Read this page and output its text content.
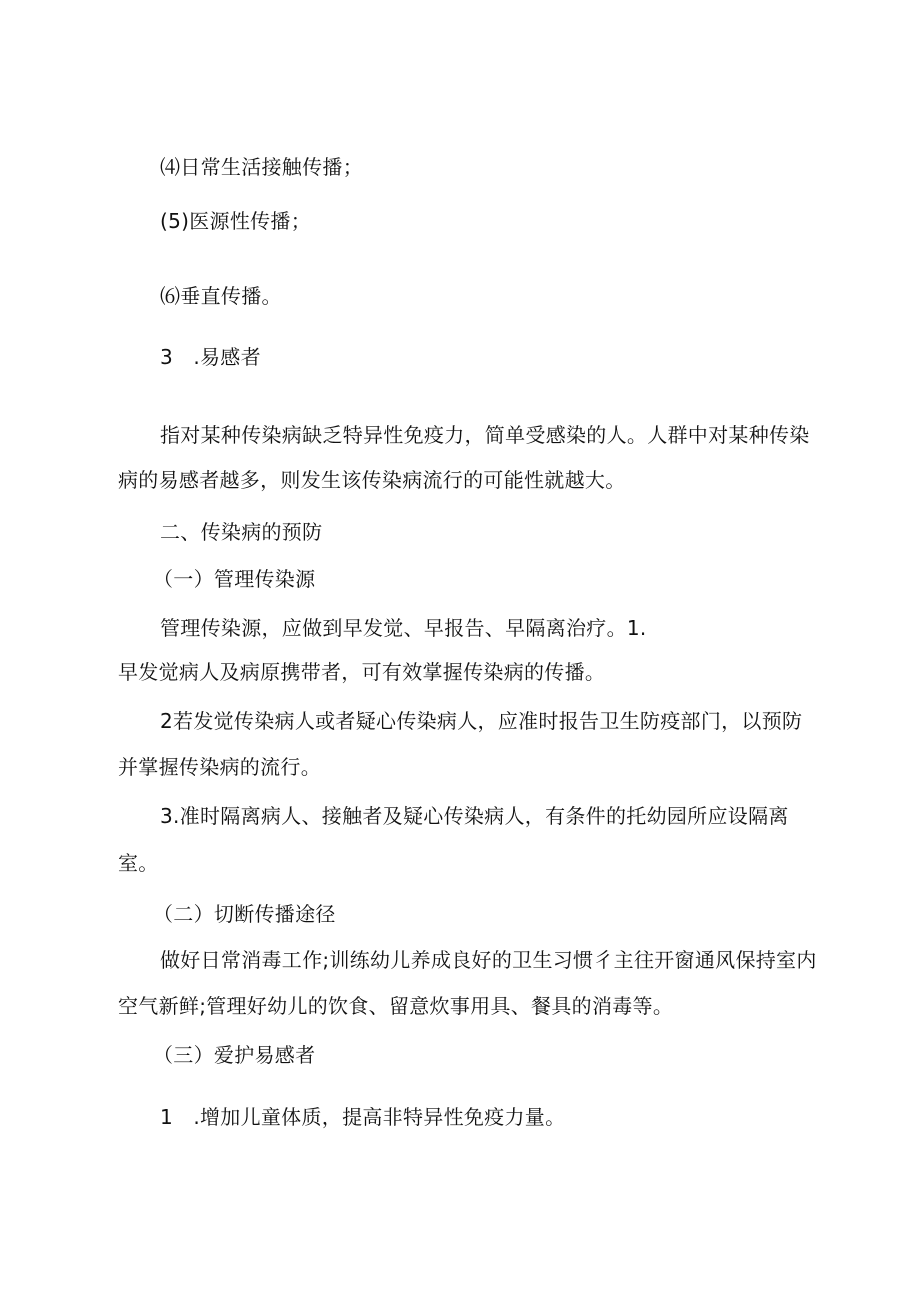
⑷日常生活接触传播；
(5)医源性传播；
⑹垂直传播。
3　.易感者
指对某种传染病缺乏特异性免疫力，简单受感染的人。人群中对某种传染
病的易感者越多，则发生该传染病流行的可能性就越大。
二、传染病的预防
（一）管理传染源
管理传染源，应做到早发觉、早报告、早隔离治疗。1.
早发觉病人及病原携带者，可有效掌握传染病的传播。
2若发觉传染病人或者疑心传染病人，应准时报告卫生防疫部门，以预防
并掌握传染病的流行。
3.准时隔离病人、接触者及疑心传染病人，有条件的托幼园所应设隔离
室。
（二）切断传播途径
做好日常消毒工作;训练幼儿养成良好的卫生习惯彳主往开窗通风保持室内
空气新鲜;管理好幼儿的饮食、留意炊事用具、餐具的消毒等。
（三）爱护易感者
1　.增加儿童体质，提高非特异性免疫力量。
